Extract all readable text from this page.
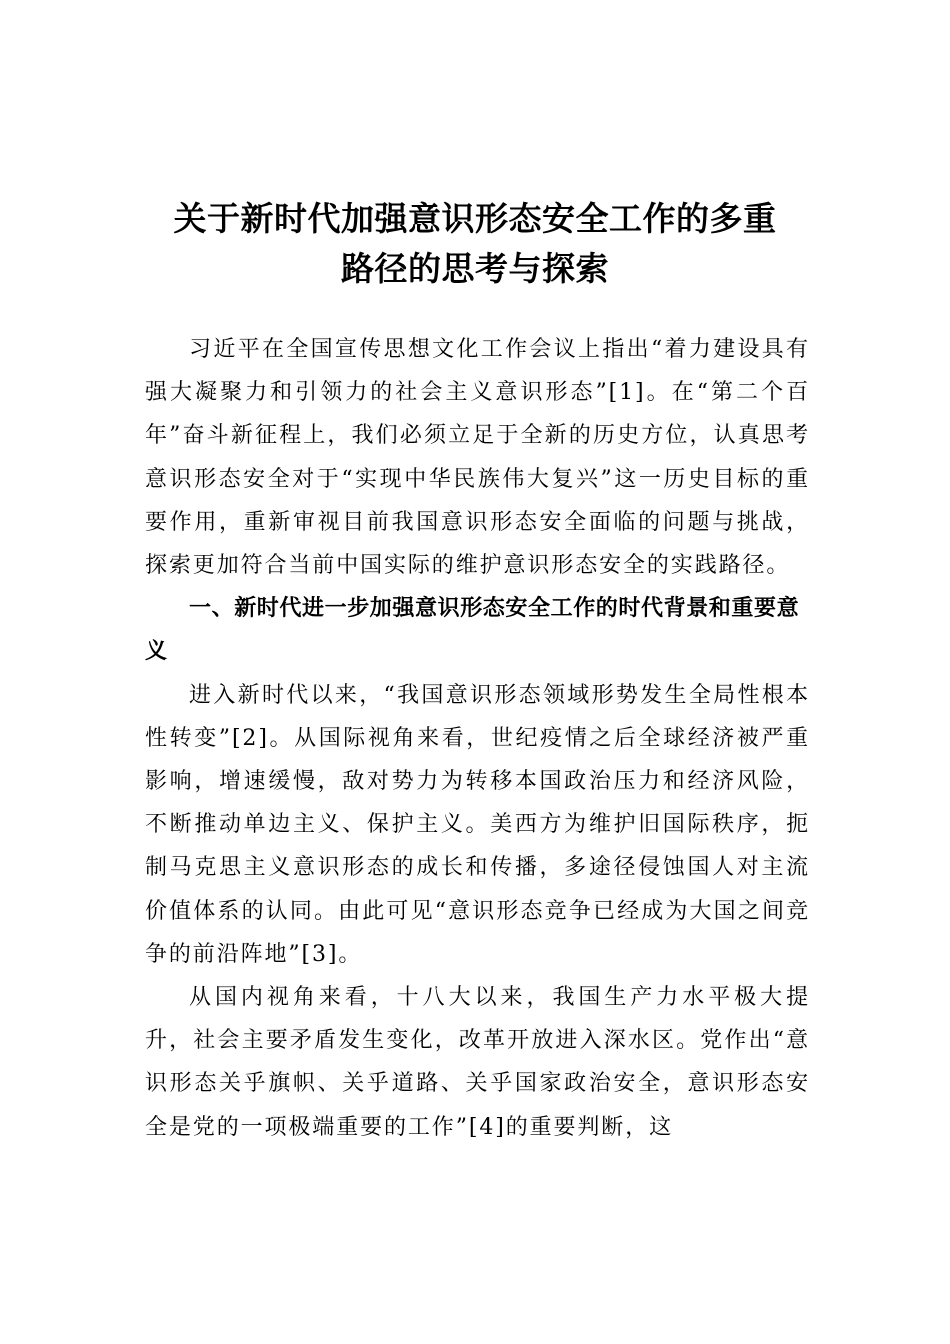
关于新时代加强意识形态安全工作的多重
路径的思考与探索

习近平在全国宣传思想文化工作会议上指出“着力建设具有强大凝聚力和引领力的社会主义意识形态”[1]。在“第二个百年”奋斗新征程上，我们必须立足于全新的历史方位，认真思考意识形态安全对于“实现中华民族伟大复兴”这一历史目标的重要作用，重新审视目前我国意识形态安全面临的问题与挑战，探索更加符合当前中国实际的维护意识形态安全的实践路径。

一、新时代进一步加强意识形态安全工作的时代背景和重要意义

进入新时代以来，“我国意识形态领域形势发生全局性根本性转变”[2]。从国际视角来看，世纪疫情之后全球经济被严重影响，增速缓慢，敌对势力为转移本国政治压力和经济风险，不断推动单边主义、保护主义。美西方为维护旧国际秩序，扼制马克思主义意识形态的成长和传播，多途径侵蚀国人对主流价值体系的认同。由此可见“意识形态竞争已经成为大国之间竞争的前沿阵地”[3]。

从国内视角来看，十八大以来，我国生产力水平极大提升，社会主要矛盾发生变化，改革开放进入深水区。党作出“意识形态关乎旗帜、关乎道路、关乎国家政治安全，意识形态安全是党的一项极端重要的工作”[4]的重要判断，这
